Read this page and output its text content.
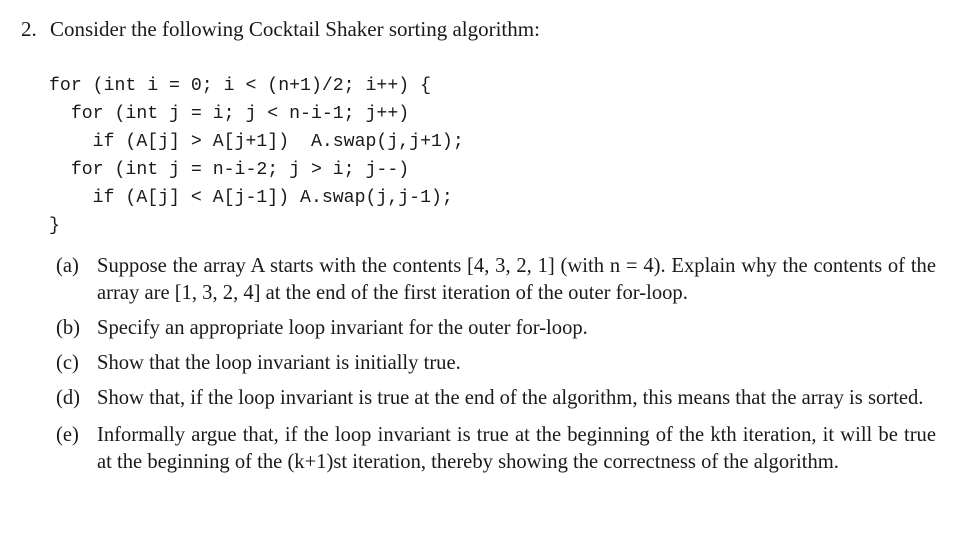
2. Consider the following Cocktail Shaker sorting algorithm:
for (int i = 0; i < (n+1)/2; i++) {
for (int j = i; j < n-i-1; j++)
if (A[j] > A[j+1])  A.swap(j,j+1);
for (int j = n-i-2; j > i; j--)
if (A[j] < A[j-1]) A.swap(j,j-1);
}
(a) Suppose the array A starts with the contents [4, 3, 2, 1] (with n = 4). Explain why the contents of the array are [1, 3, 2, 4] at the end of the first iteration of the outer for-loop.
(b) Specify an appropriate loop invariant for the outer for-loop.
(c) Show that the loop invariant is initially true.
(d) Show that, if the loop invariant is true at the end of the algorithm, this means that the array is sorted.
(e) Informally argue that, if the loop invariant is true at the beginning of the kth iteration, it will be true at the beginning of the (k+1)st iteration, thereby showing the correctness of the algorithm.
